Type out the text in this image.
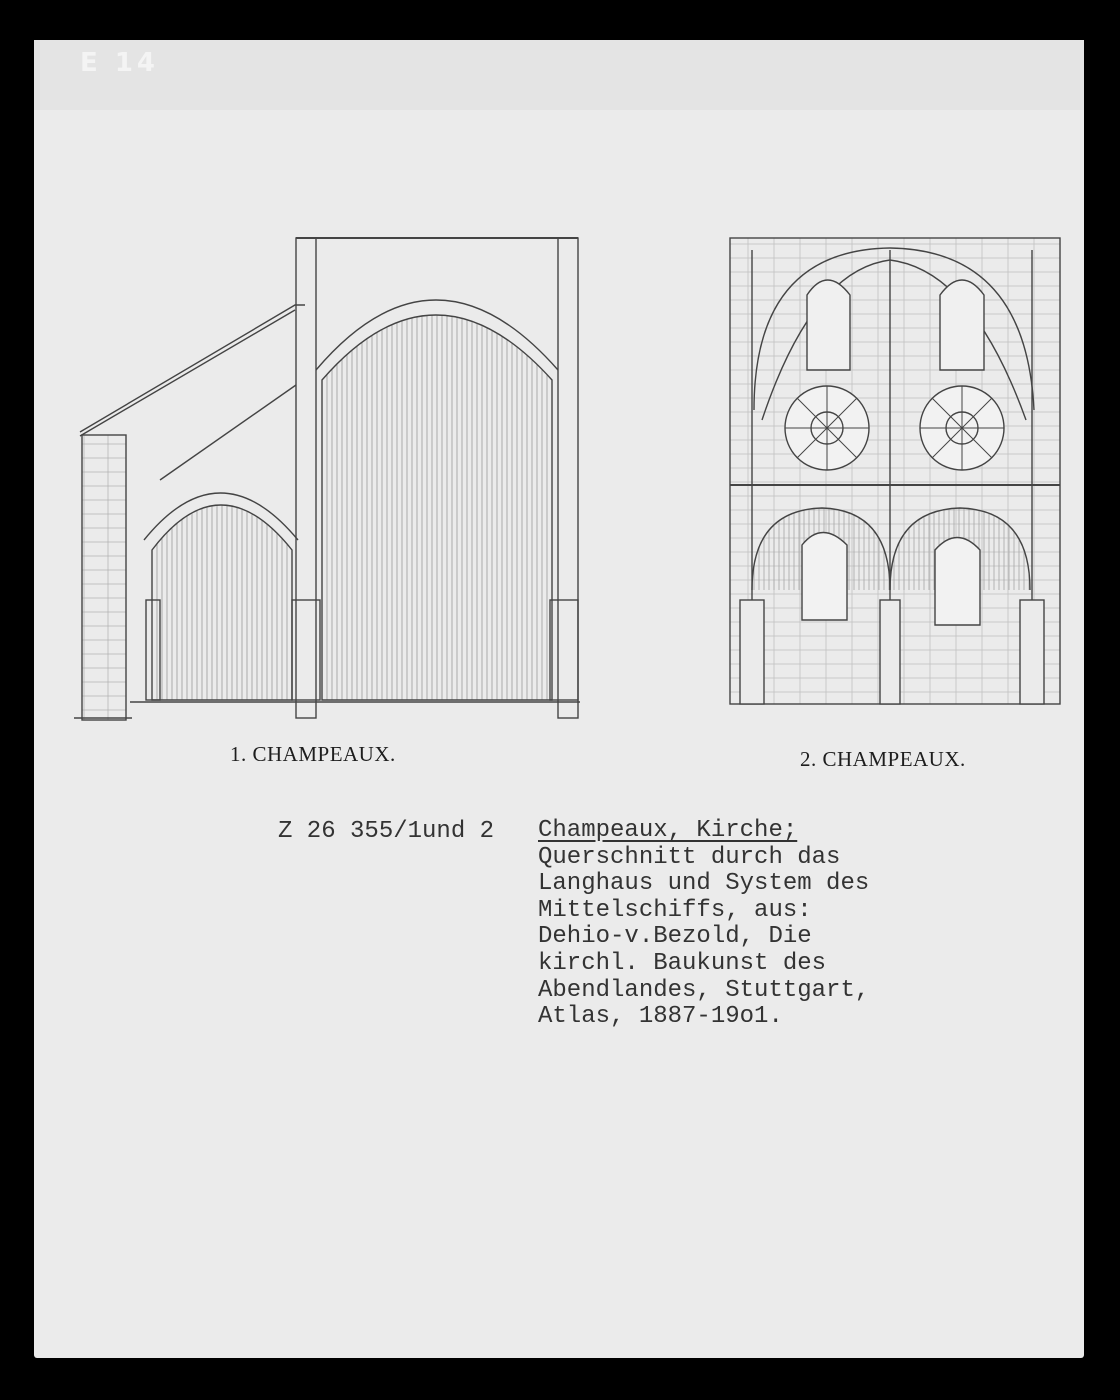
E 14
1. CHAMPEAUX.	2. CHAMPEAUX.
Z 26 355/1und 2 Champeaux, Kirche;
Querschnitt durch das
Langhaus und System des
Mittelschiffs, aus:
Dehio-v.Bezold, Die
kirchl. Baukunst des
Abendlandes, Stuttgart,
Atlas, 1887-19o1.
